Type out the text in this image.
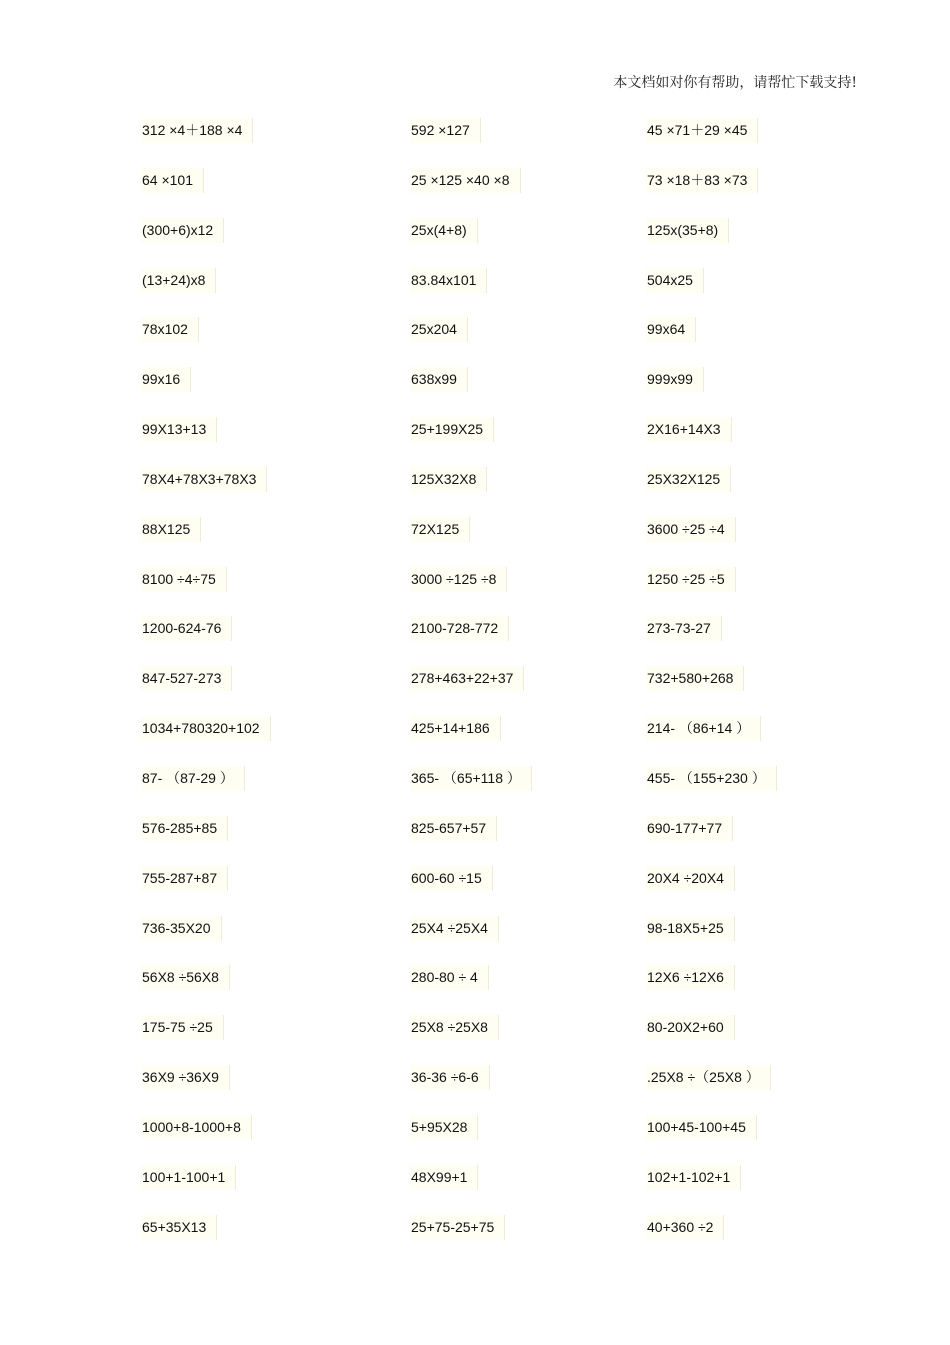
本文档如对你有帮助，请帮忙下载支持!
312 ×4＋188 ×4	592 ×127	45 ×71＋29 ×45
64 ×101	25 ×125 ×40 ×8	73 ×18＋83 ×73
(300+6)x12	25x(4+8)	125x(35+8)
(13+24)x8	83.84x101	504x25
78x102	25x204	99x64
99x16	638x99	999x99
99X13+13	25+199X25	2X16+14X3
78X4+78X3+78X3	125X32X8	25X32X125
88X125	72X125	3600 ÷25 ÷4
8100 ÷4÷75	3000 ÷125 ÷8	1250 ÷25 ÷5
1200-624-76	2100-728-772	273-73-27
847-527-273	278+463+22+37	732+580+268
1034+780320+102	425+14+186	214- （86+14 ）
87- （87-29 ）	365- （65+118 ）	455- （155+230 ）
576-285+85	825-657+57	690-177+77
755-287+87	600-60 ÷15	20X4 ÷20X4
736-35X20	25X4 ÷25X4	98-18X5+25
56X8 ÷56X8	280-80 ÷ 4	12X6 ÷12X6
175-75 ÷25	25X8 ÷25X8	80-20X2+60
36X9 ÷36X9	36-36 ÷6-6	.25X8 ÷（25X8 ）
1000+8-1000+8	5+95X28	100+45-100+45
100+1-100+1	48X99+1	102+1-102+1
65+35X13	25+75-25+75	40+360 ÷2
